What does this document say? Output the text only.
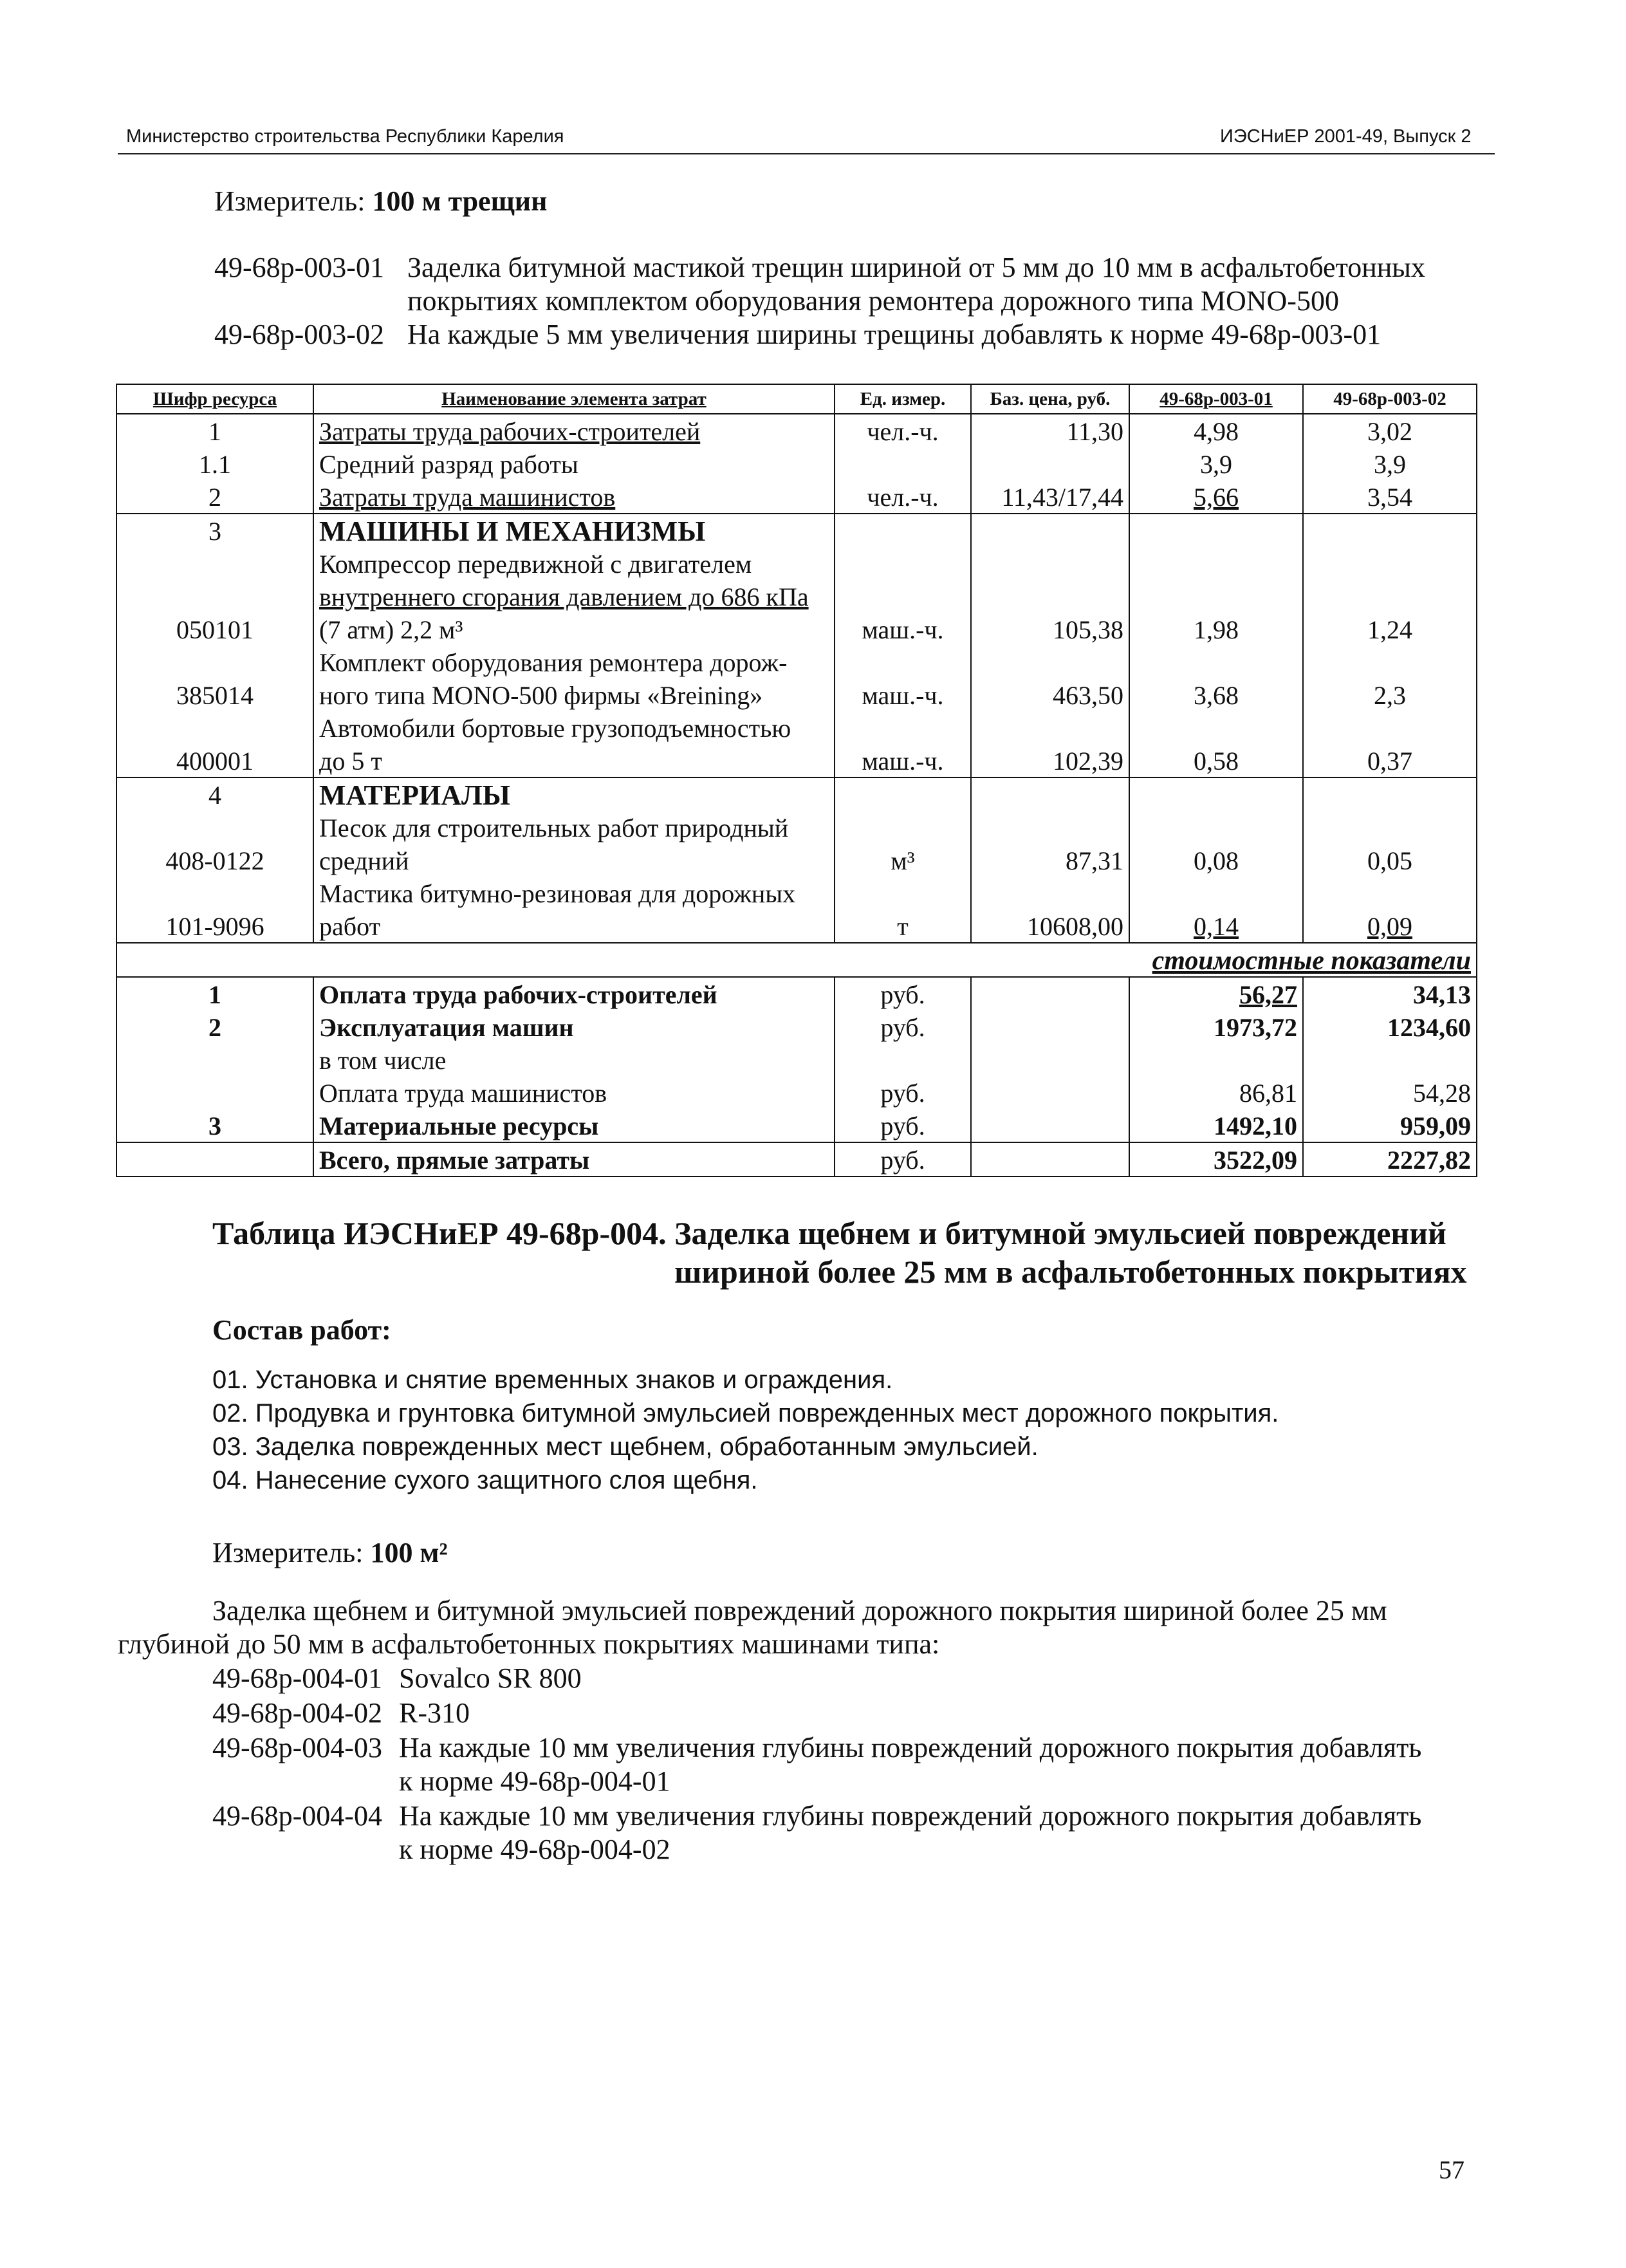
Министерство строительства Республики Карелия	ИЭСНиЕР 2001-49, Выпуск 2
Измеритель: 100 м трещин
49-68р-003-01 Заделка битумной мастикой трещин шириной от 5 мм до 10 мм в асфальтобетонных
покрытиях комплектом оборудования ремонтера дорожного типа MONO-500
49-68р-003-02 На каждые 5 мм увеличения ширины трещины добавлять к норме 49-68р-003-01
Шифр ресурса	Наименование элемента затрат	Ед. измер.	Баз. цена, руб.	49-68р-003-01	49-68р-003-02
1	Затраты труда рабочих-строителей	чел.-ч.	11,30	4,98	3,02
1.1	Средний разряд работы			3,9	3,9
2	Затраты труда машинистов	чел.-ч.	11,43/17,44	5,66	3,54
3	МАШИНЫ И МЕХАНИЗМЫ				
	Компрессор передвижной с двигателем				
	внутреннего сгорания давлением до 686 кПа				
050101	(7 атм) 2,2 м³	маш.-ч.	105,38	1,98	1,24
	Комплект оборудования ремонтера дорож-				
385014	ного типа MONO-500 фирмы «Breining»	маш.-ч.	463,50	3,68	2,3
	Автомобили бортовые грузоподъемностью				
400001	до 5 т	маш.-ч.	102,39	0,58	0,37
4	МАТЕРИАЛЫ				
	Песок для строительных работ природный				
408-0122	средний	м³	87,31	0,08	0,05
	Мастика битумно-резиновая для дорожных				
101-9096	работ	т	10608,00	0,14	0,09
стоимостные показатели					
1	Оплата труда рабочих-строителей	руб.		56,27	34,13
2	Эксплуатация машин	руб.		1973,72	1234,60
	в том числе				
	Оплата труда машинистов	руб.		86,81	54,28
3	Материальные ресурсы	руб.		1492,10	959,09
	Всего, прямые затраты	руб.		3522,09	2227,82
Таблица ИЭСНиЕР 49-68р-004. Заделка щебнем и битумной эмульсией повреждений
шириной более 25 мм в асфальтобетонных покрытиях
Состав работ:
01. Установка и снятие временных знаков и ограждения.
02. Продувка и грунтовка битумной эмульсией поврежденных мест дорожного покрытия.
03. Заделка поврежденных мест щебнем, обработанным эмульсией.
04. Нанесение сухого защитного слоя щебня.
Измеритель: 100 м²
Заделка щебнем и битумной эмульсией повреждений дорожного покрытия шириной более 25 мм
глубиной до 50 мм в асфальтобетонных покрытиях машинами типа:
49-68р-004-01 Sovalco SR 800
49-68р-004-02 R-310
49-68р-004-03 На каждые 10 мм увеличения глубины повреждений дорожного покрытия добавлять
к норме 49-68р-004-01
49-68р-004-04 На каждые 10 мм увеличения глубины повреждений дорожного покрытия добавлять
к норме 49-68р-004-02
57
